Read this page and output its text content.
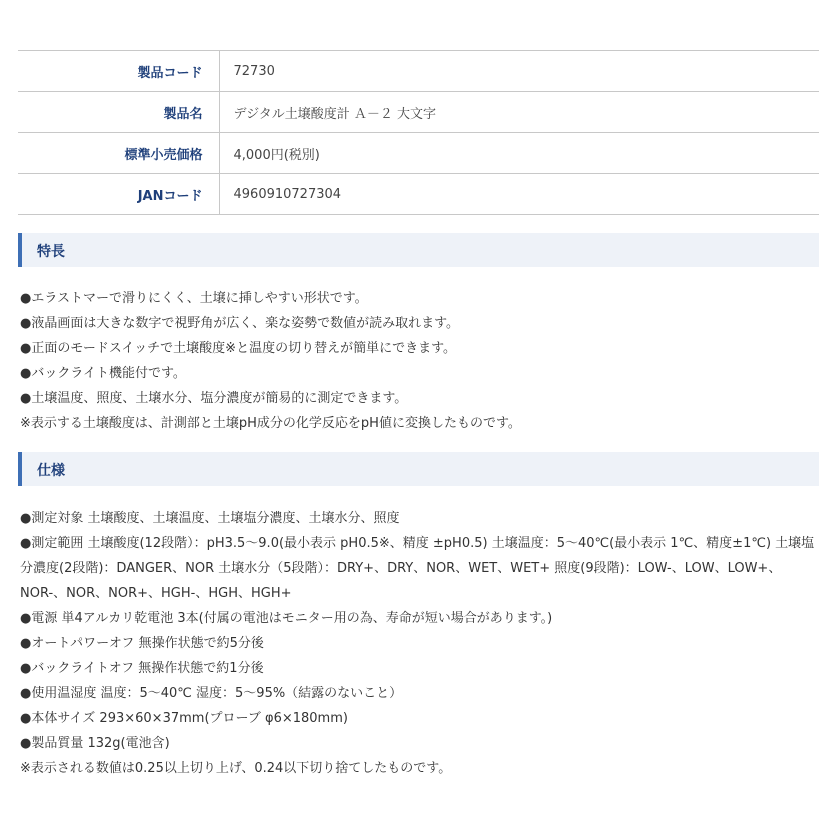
製品コード	72730
製品名	デジタル土壌酸度計 Ａ－２ 大文字
標準小売価格	4,000円(税別)
JANコード	4960910727304
特長
●エラストマーで滑りにくく、土壌に挿しやすい形状です。
●液晶画面は大きな数字で視野角が広く、楽な姿勢で数値が読み取れます。
●正面のモードスイッチで土壌酸度※と温度の切り替えが簡単にできます。
●バックライト機能付です。
●土壌温度、照度、土壌水分、塩分濃度が簡易的に測定できます。
※表示する土壌酸度は、計測部と土壌pH成分の化学反応をpH値に変換したものです。
仕様
●測定対象 土壌酸度、土壌温度、土壌塩分濃度、土壌水分、照度
●測定範囲 土壌酸度(12段階）：pH3.5～9.0(最小表示 pH0.5※、精度 ±pH0.5) 土壌温度：5～40℃(最小表示 1℃、精度±1℃) 土壌塩分濃度(2段階)：DANGER、NOR 土壌水分（5段階）：DRY+、DRY、NOR、WET、WET+ 照度(9段階)：LOW-、LOW、LOW+、NOR-、NOR、NOR+、HGH-、HGH、HGH+
●電源 単4アルカリ乾電池 3本(付属の電池はモニター用の為、寿命が短い場合があります。)
●オートパワーオフ 無操作状態で約5分後
●バックライトオフ 無操作状態で約1分後
●使用温湿度 温度：5～40℃ 湿度：5～95%（結露のないこと）
●本体サイズ 293×60×37mm(プローブ φ6×180mm)
●製品質量 132g(電池含)
※表示される数値は0.25以上切り上げ、0.24以下切り捨てしたものです。
